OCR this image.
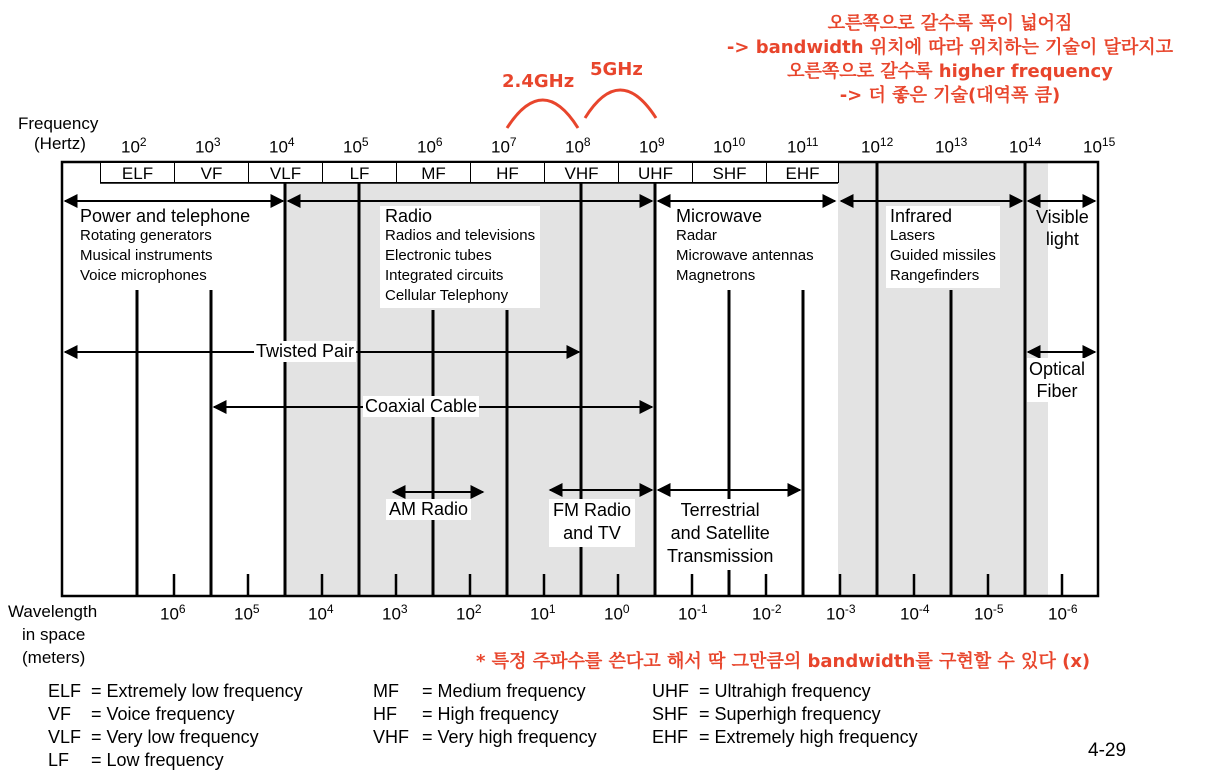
오른쪽으로 갈수록 폭이 넓어짐
-> bandwidth 위치에 따라 위치하는 기술이 달라지고
오른쪽으로 갈수록 higher frequency
-> 더 좋은 기술(대역폭 큼)
2.4GHz
5GHz
* 특정 주파수를 쓴다고 해서 딱 그만큼의 bandwidth를 구현할 수 있다 (x)
Frequency
(Hertz)	$10^2$	$10^3$	$10^4$	$10^5$	$10^6$	$10^7$	$10^8$	$10^9$	$10^{10}$ $10^{11}$	$10^{12}$ $10^{13}$ $10^{14}$ $10^{15}$
ELF	VF	VLF	LF	MF	HF	VHF	UHF	SHF	EHF
Power and telephone
Rotating generators
Musical instruments
Voice microphones
Radio
Radios and televisions
Electronic tubes
Integrated circuits
Cellular Telephony
Microwave
Radar
Microwave antennas
Magnetrons
Infrared
Lasers
Guided missiles
Rangefinders
Visible
light
Twisted Pair
Coaxial Cable
Optical
Fiber
AM Radio	FM Radio
and TV
Terrestrial
and Satellite
Transmission
Wavelength
in space
(meters)
$10^6$	$10^5$	$10^4$	$10^3$	$10^2$	$10^1$	$10^0$	$10^{-1}$	$10^{-2}$	$10^{-3}$	$10^{-4}$	$10^{-5}$	$10^{-6}$
ELF = Extremely low frequency
VF = Voice frequency
VLF = Very low frequency
LF = Low frequency
MF = Medium frequency
HF = High frequency
VHF = Very high frequency
UHF = Ultrahigh frequency
SHF = Superhigh frequency
EHF = Extremely high frequency
4-29
